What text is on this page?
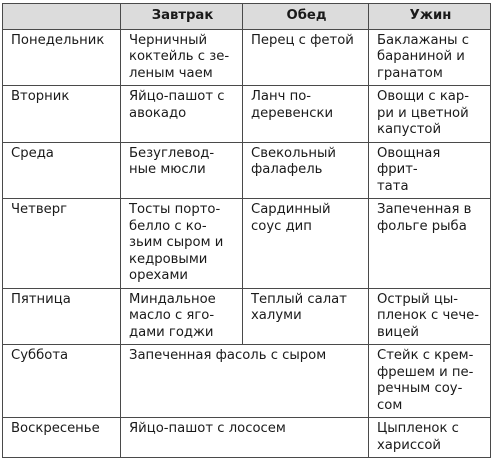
	Завтрак	Обед	Ужин

Понедельник	Черничный
коктейль с зе-
леным чаем	Перец с фетой	Баклажаны с
бараниной и
гранатом

Вторник	Яйцо-пашот с
авокадо	Ланч по-
деревенски	Овощи с кар-
ри и цветной
капустой

Среда	Безуглевод-
ные мюсли	Свекольный
фалафель	Овощная фрит-
тата

Четверг	Тосты порто-
белло с ко-
зьим сыром и
кедровыми
орехами	Сардинный
соус дип	Запеченная в
фольге рыба

Пятница	Миндальное
масло с яго-
дами годжи	Теплый салат
халуми	Острый цы-
пленок с чече-
вицей

Суббота	Запеченная фасоль с сыром		Стейк с крем-
фрешем и пе-
речным соу-
сом

Воскресенье	Яйцо-пашот с лососем		Цыпленок с
хариссой
